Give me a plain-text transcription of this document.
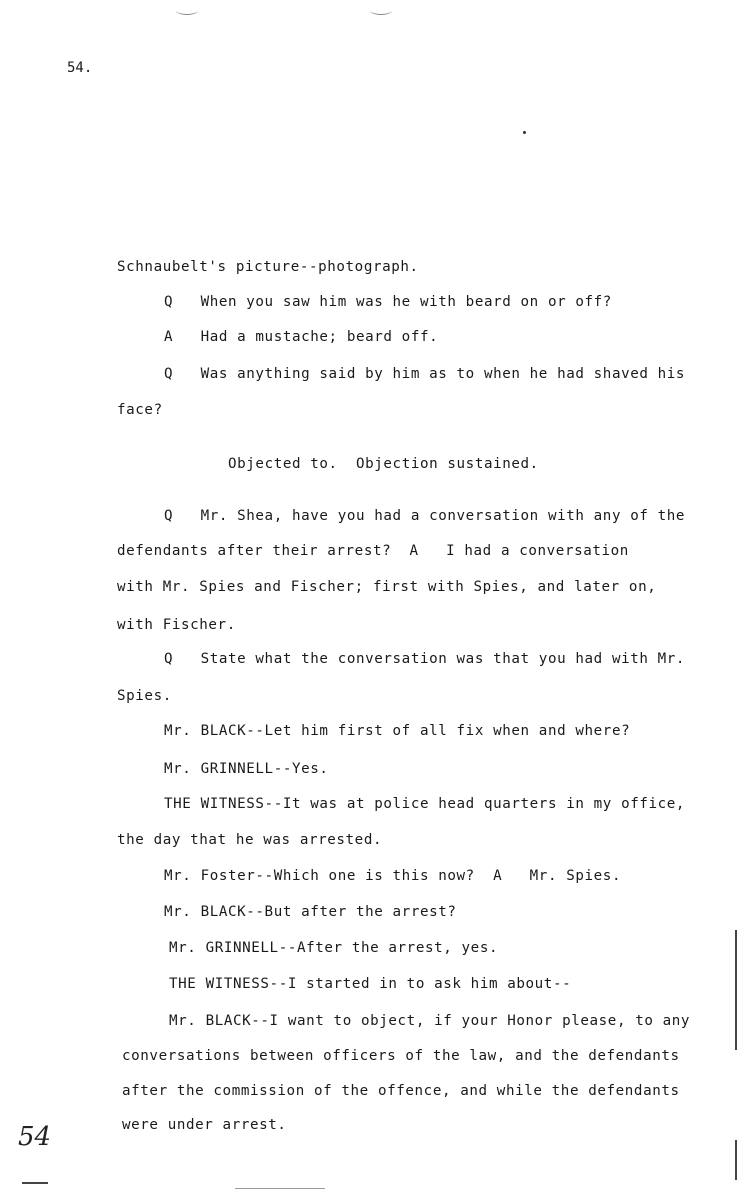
54.
Schnaubelt's picture--photograph.
Q   When you saw him was he with beard on or off?
A   Had a mustache; beard off.
Q   Was anything said by him as to when he had shaved his
face?
Objected to.  Objection sustained.
Q   Mr. Shea, have you had a conversation with any of the
defendants after their arrest?  A   I had a conversation
with Mr. Spies and Fischer; first with Spies, and later on,
with Fischer.
Q   State what the conversation was that you had with Mr.
Spies.
Mr. BLACK--Let him first of all fix when and where?
Mr. GRINNELL--Yes.
THE WITNESS--It was at police head quarters in my office,
the day that he was arrested.
Mr. Foster--Which one is this now?  A   Mr. Spies.
Mr. BLACK--But after the arrest?
Mr. GRINNELL--After the arrest, yes.
THE WITNESS--I started in to ask him about--
Mr. BLACK--I want to object, if your Honor please, to any
conversations between officers of the law, and the defendants
after the commission of the offence, and while the defendants
were under arrest.
54
